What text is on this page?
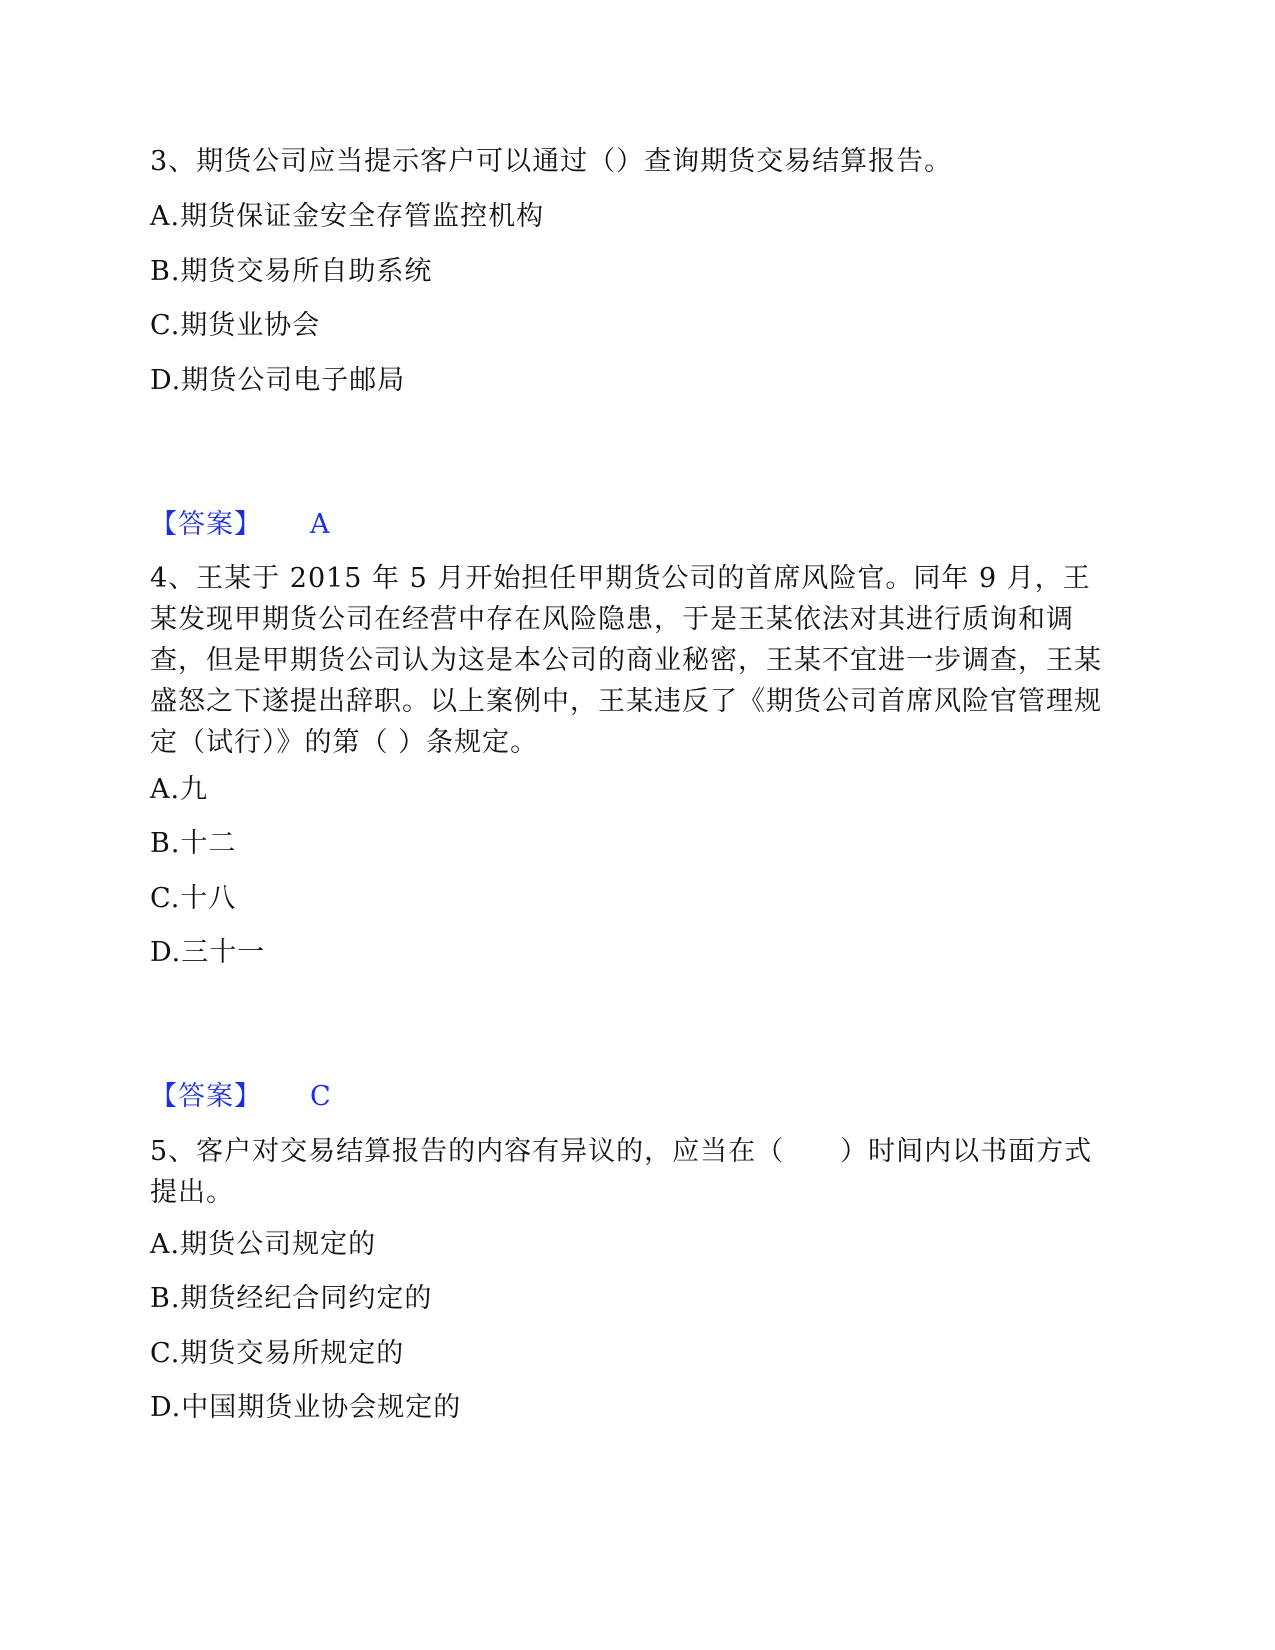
3、期货公司应当提示客户可以通过（）查询期货交易结算报告。

A.期货保证金安全存管监控机构

B.期货交易所自助系统

C.期货业协会

D.期货公司电子邮局

【答案】 A

4、王某于 2015 年 5 月开始担任甲期货公司的首席风险官。同年 9 月，王某发现甲期货公司在经营中存在风险隐患，于是王某依法对其进行质询和调查，但是甲期货公司认为这是本公司的商业秘密，王某不宜进一步调查，王某盛怒之下遂提出辞职。以上案例中，王某违反了《期货公司首席风险官管理规定（试行）》的第（ ）条规定。

A.九

B.十二

C.十八

D.三十一

【答案】 C

5、客户对交易结算报告的内容有异议的，应当在（　　）时间内以书面方式提出。

A.期货公司规定的

B.期货经纪合同约定的

C.期货交易所规定的

D.中国期货业协会规定的
